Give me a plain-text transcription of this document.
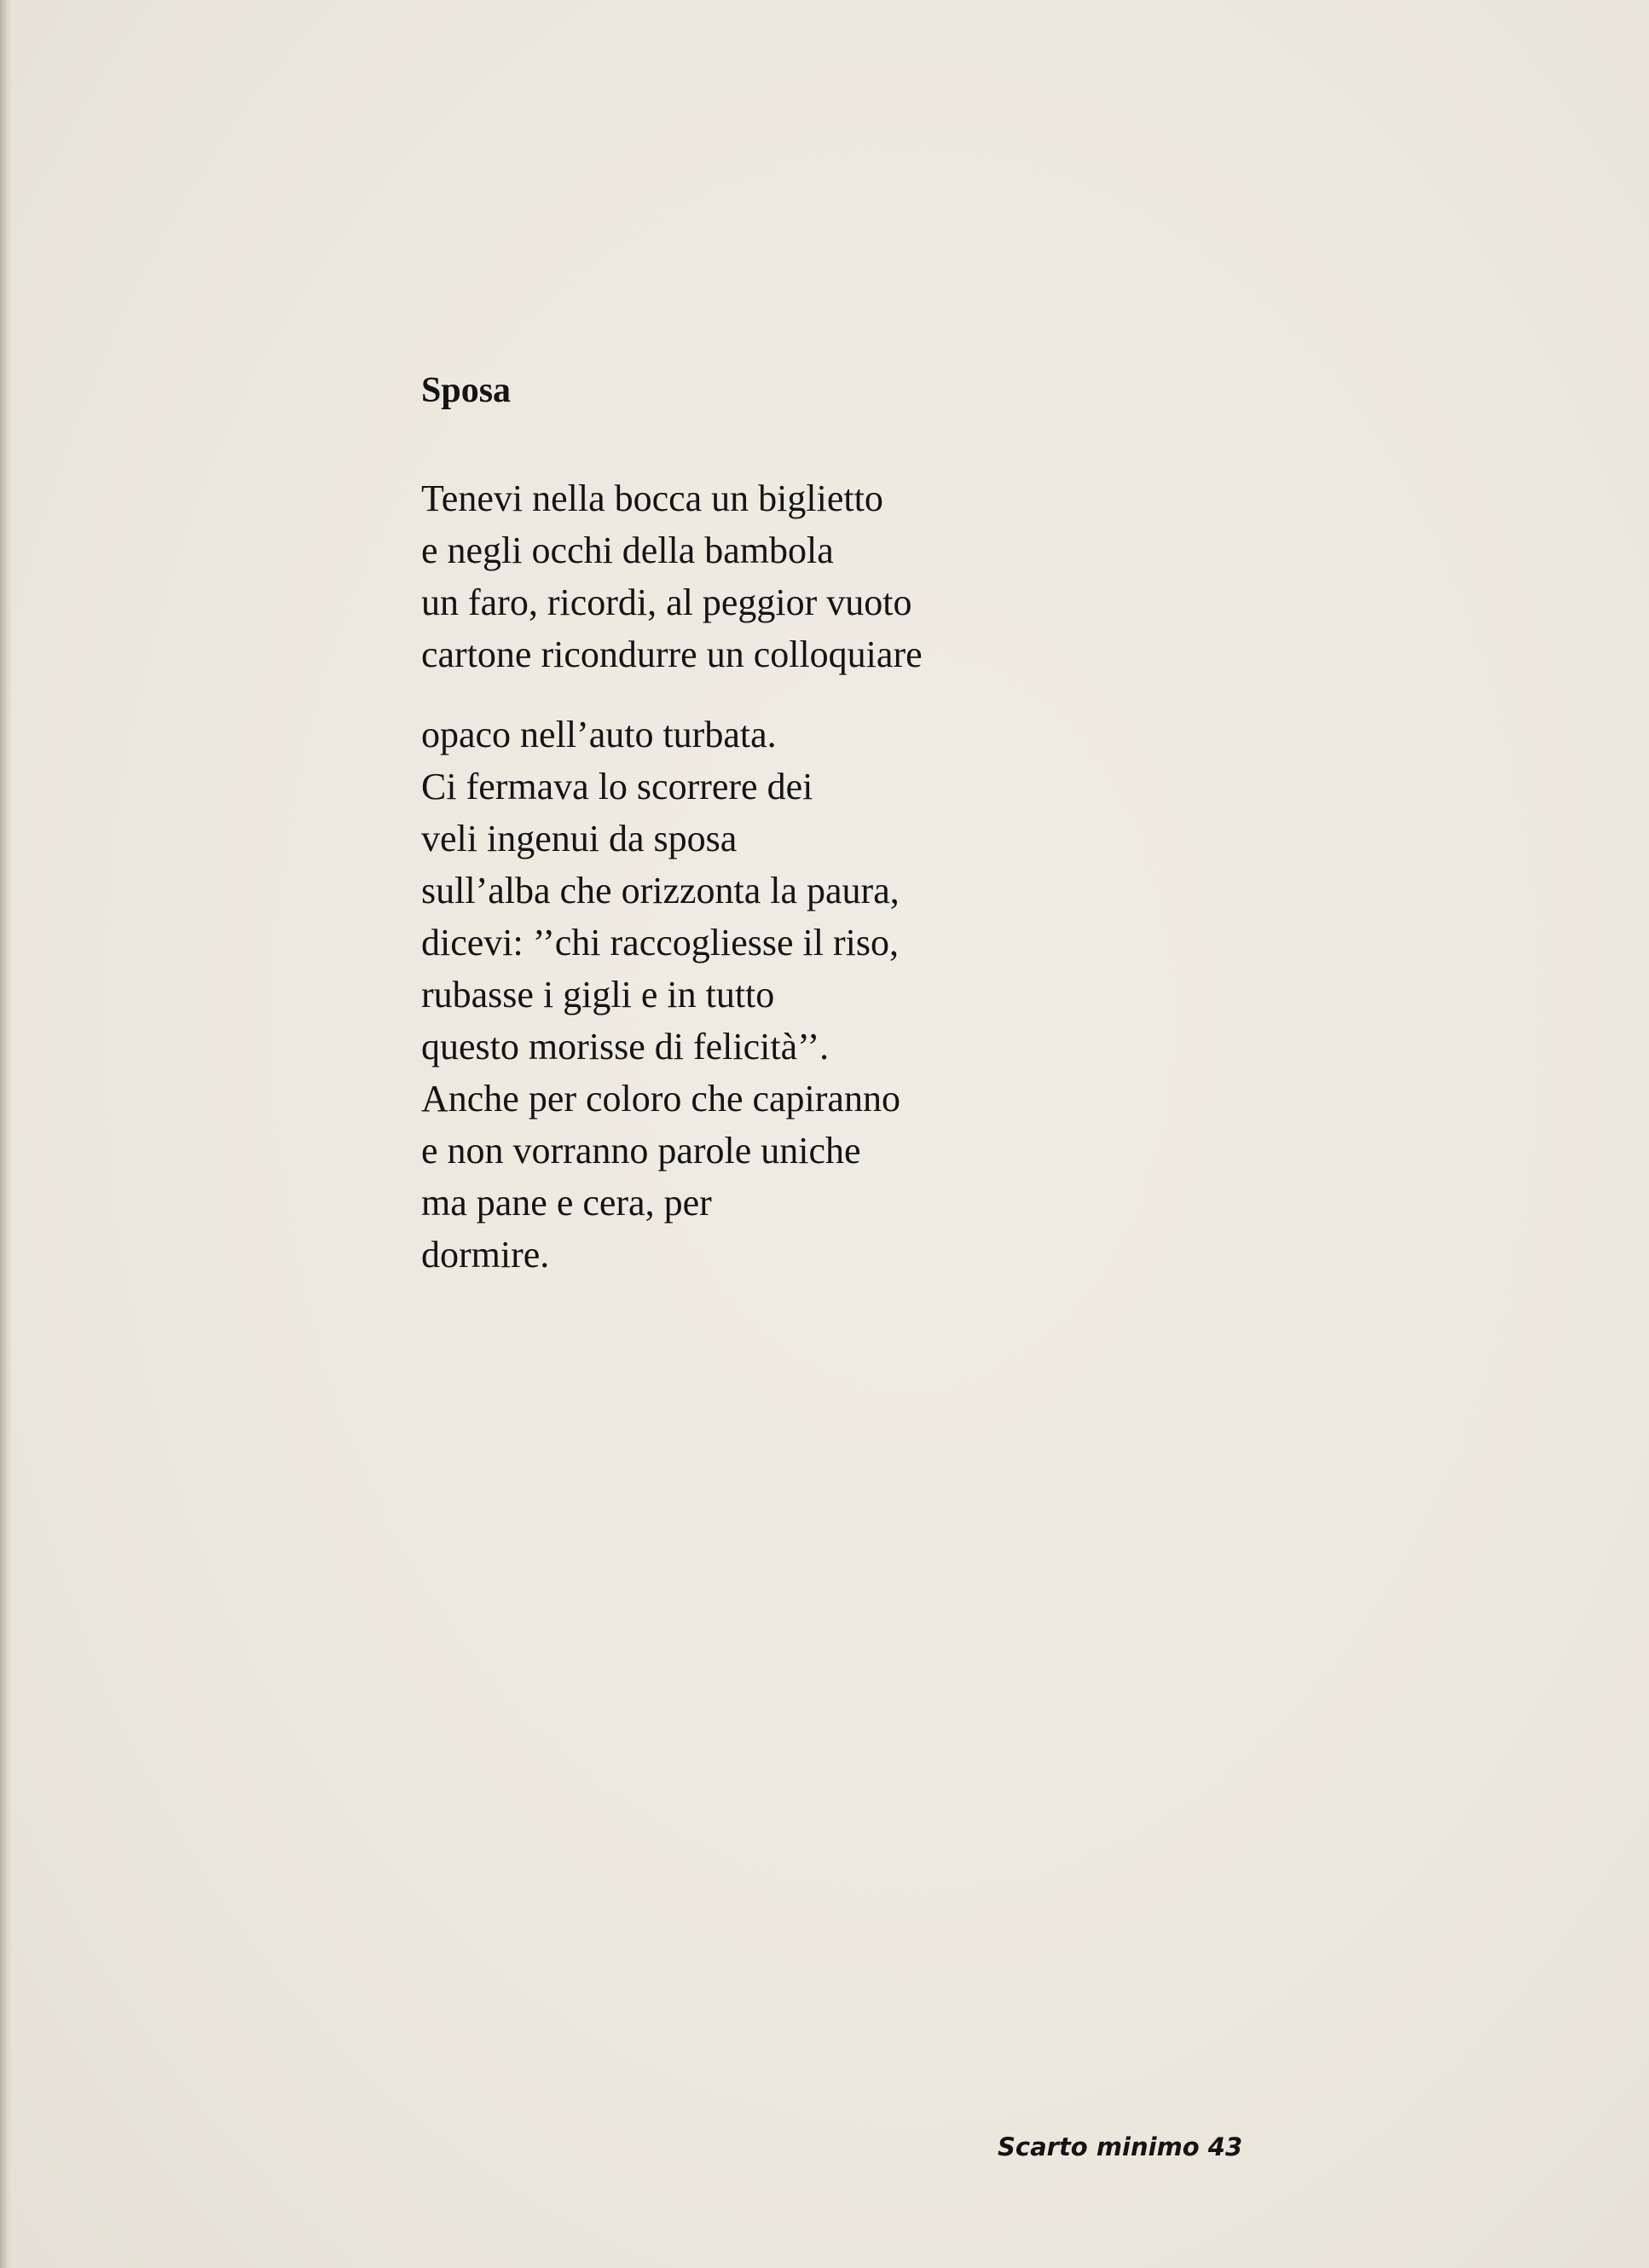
Sposa
Tenevi nella bocca un biglietto
e negli occhi della bambola
un faro, ricordi, al peggior vuoto
cartone ricondurre un colloquiare
opaco nell’auto turbata.
Ci fermava lo scorrere dei
veli ingenui da sposa
sull’alba che orizzonta la paura,
dicevi: ’’chi raccogliesse il riso,
rubasse i gigli e in tutto
questo morisse di felicità’’.
Anche per coloro che capiranno
e non vorranno parole uniche
ma pane e cera, per
dormire.
Scarto minimo 43
